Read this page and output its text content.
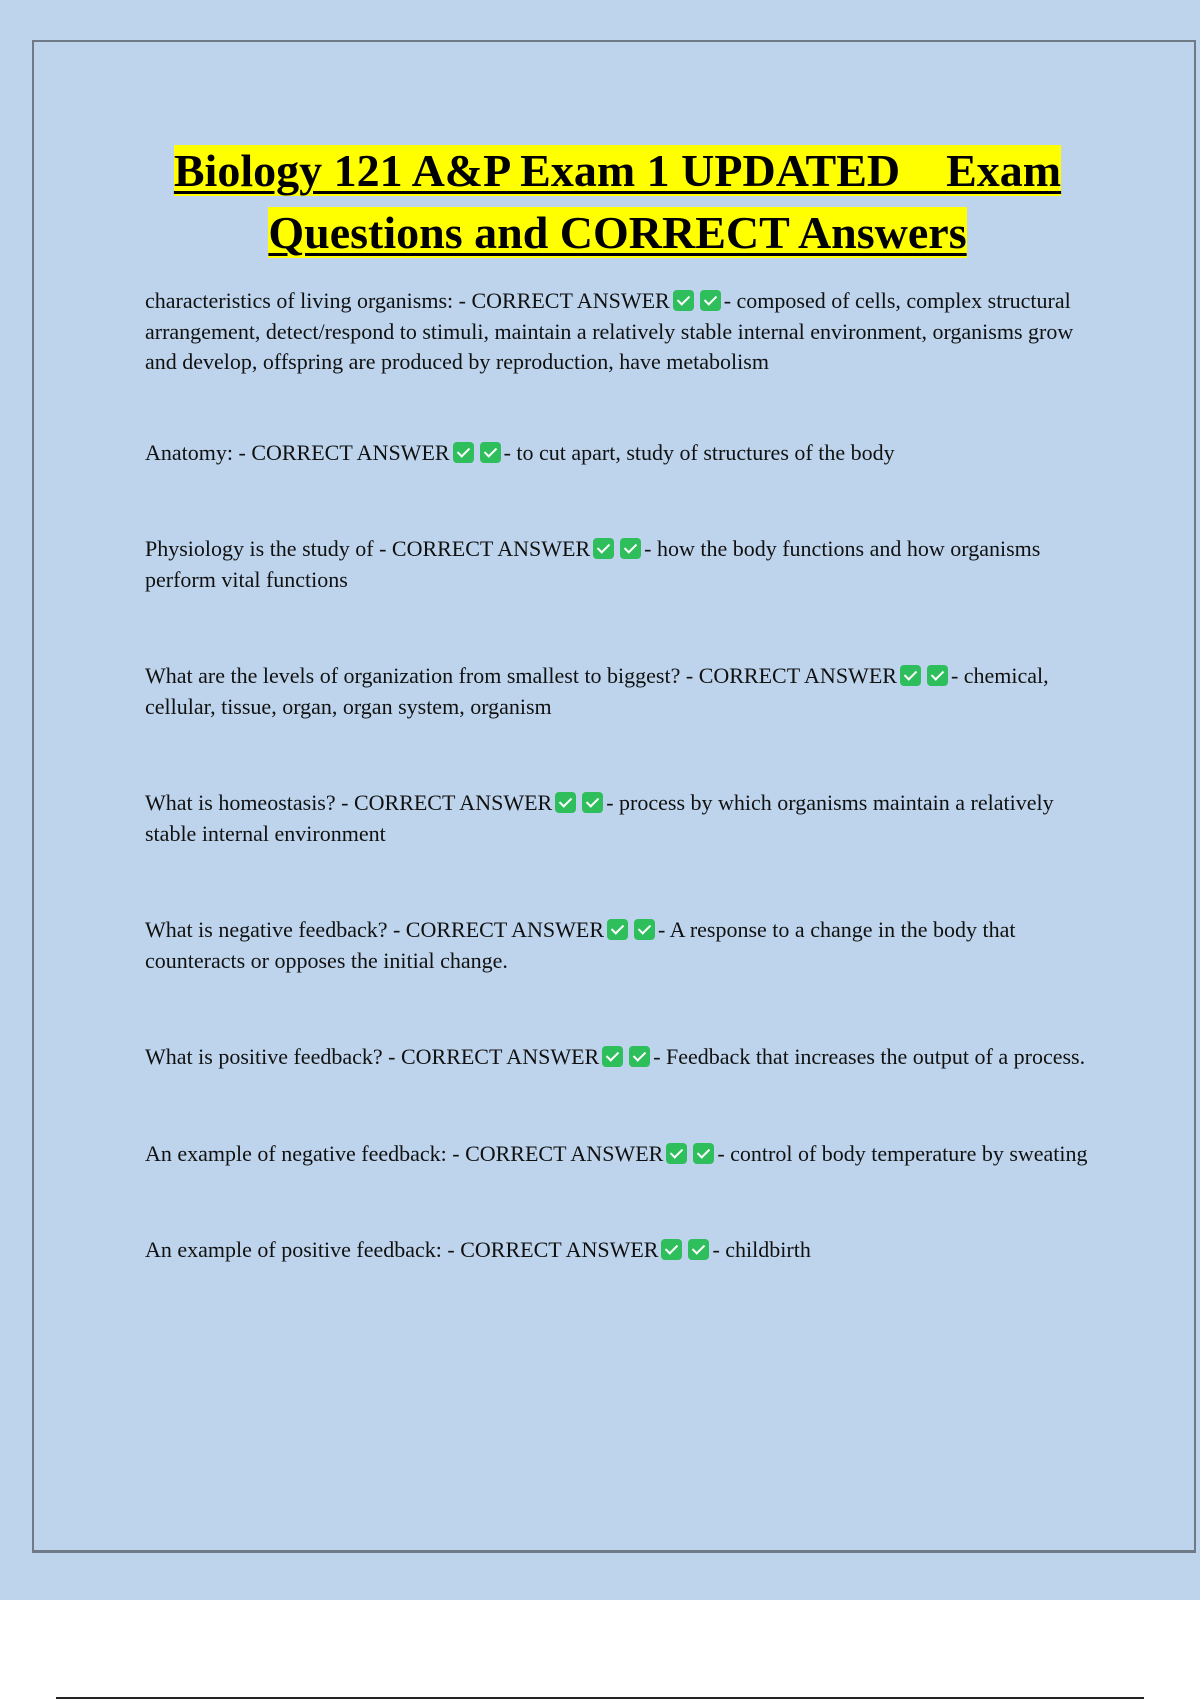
Biology 121 A&P Exam 1 UPDATED    Exam
Questions and CORRECT Answers

characteristics of living organisms: - CORRECT ANSWER - composed of cells, complex structural arrangement, detect/respond to stimuli, maintain a relatively stable internal environment, organisms grow and develop, offspring are produced by reproduction, have metabolism

Anatomy: - CORRECT ANSWER - to cut apart, study of structures of the body

Physiology is the study of - CORRECT ANSWER - how the body functions and how organisms perform vital functions

What are the levels of organization from smallest to biggest? - CORRECT ANSWER - chemical, cellular, tissue, organ, organ system, organism

What is homeostasis? - CORRECT ANSWER - process by which organisms maintain a relatively stable internal environment

What is negative feedback? - CORRECT ANSWER - A response to a change in the body that counteracts or opposes the initial change.

What is positive feedback? - CORRECT ANSWER - Feedback that increases the output of a process.

An example of negative feedback: - CORRECT ANSWER - control of body temperature by sweating

An example of positive feedback: - CORRECT ANSWER - childbirth
